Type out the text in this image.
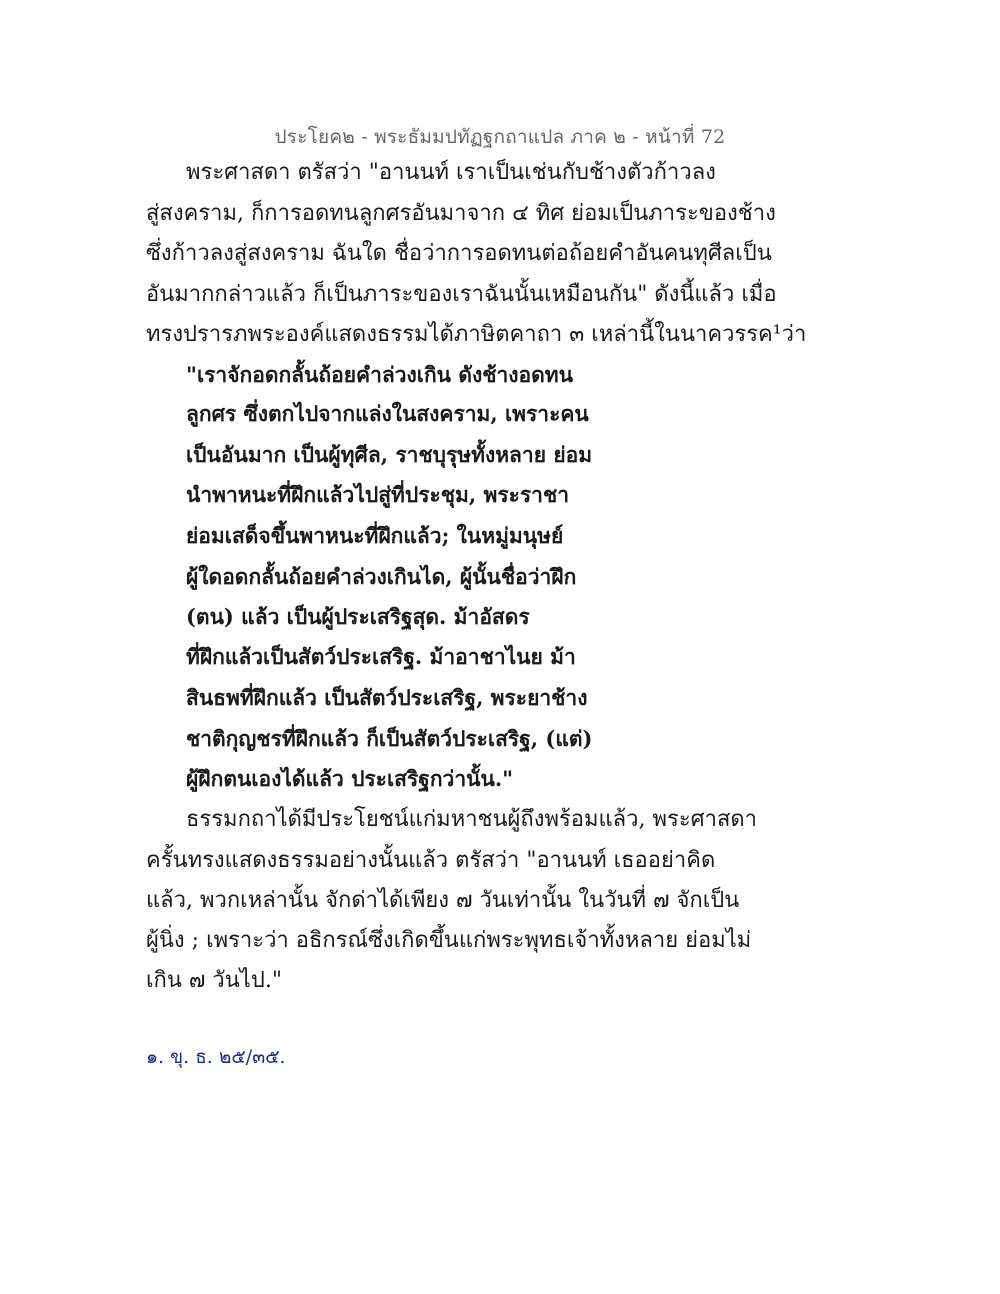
ประโยค๒ - พระธัมมปทัฏฐกถาแปล ภาค ๒ - หน้าที่ 72
พระศาสดา ตรัสว่า "อานนท์ เราเป็นเช่นกับช้างตัวก้าวลง
สู่สงคราม, ก็การอดทนลูกศรอันมาจาก ๔ ทิศ ย่อมเป็นภาระของช้าง
ซึ่งก้าวลงสู่สงคราม ฉันใด ชื่อว่าการอดทนต่อถ้อยคำอันคนทุศีลเป็น
อันมากกล่าวแล้ว ก็เป็นภาระของเราฉันนั้นเหมือนกัน" ดังนี้แล้ว เมื่อ
ทรงปรารภพระองค์แสดงธรรมได้ภาษิตคาถา ๓ เหล่านี้ในนาควรรค¹ว่า
"เราจักอดกลั้นถ้อยคำล่วงเกิน ดังช้างอดทน
ลูกศร ซึ่งตกไปจากแล่งในสงคราม, เพราะคน
เป็นอันมาก เป็นผู้ทุศีล, ราชบุรุษทั้งหลาย ย่อม
นำพาหนะที่ฝึกแล้วไปสู่ที่ประชุม, พระราชา
ย่อมเสด็จขึ้นพาหนะที่ฝึกแล้ว; ในหมู่มนุษย์
ผู้ใดอดกลั้นถ้อยคำล่วงเกินได, ผู้นั้นชื่อว่าฝึก
(ตน) แล้ว เป็นผู้ประเสริฐสุด. ม้าอัสดร
ที่ฝึกแล้วเป็นสัตว์ประเสริฐ. ม้าอาชาไนย ม้า
สินธพที่ฝึกแล้ว เป็นสัตว์ประเสริฐ, พระยาช้าง
ชาติกุญชรที่ฝึกแล้ว ก็เป็นสัตว์ประเสริฐ, (แต่)
ผู้ฝึกตนเองได้แล้ว ประเสริฐกว่านั้น."
ธรรมกถาได้มีประโยชน์แก่มหาชนผู้ถึงพร้อมแล้ว, พระศาสดา
ครั้นทรงแสดงธรรมอย่างนั้นแล้ว ตรัสว่า "อานนท์ เธออย่าคิด
แล้ว, พวกเหล่านั้น จักด่าได้เพียง ๗ วันเท่านั้น ในวันที่ ๗ จักเป็น
ผู้นิ่ง ; เพราะว่า อธิกรณ์ซึ่งเกิดขึ้นแก่พระพุทธเจ้าทั้งหลาย ย่อมไม่
เกิน ๗ วันไป."
๑. ขุ. ธ. ๒๕/๓๕.
